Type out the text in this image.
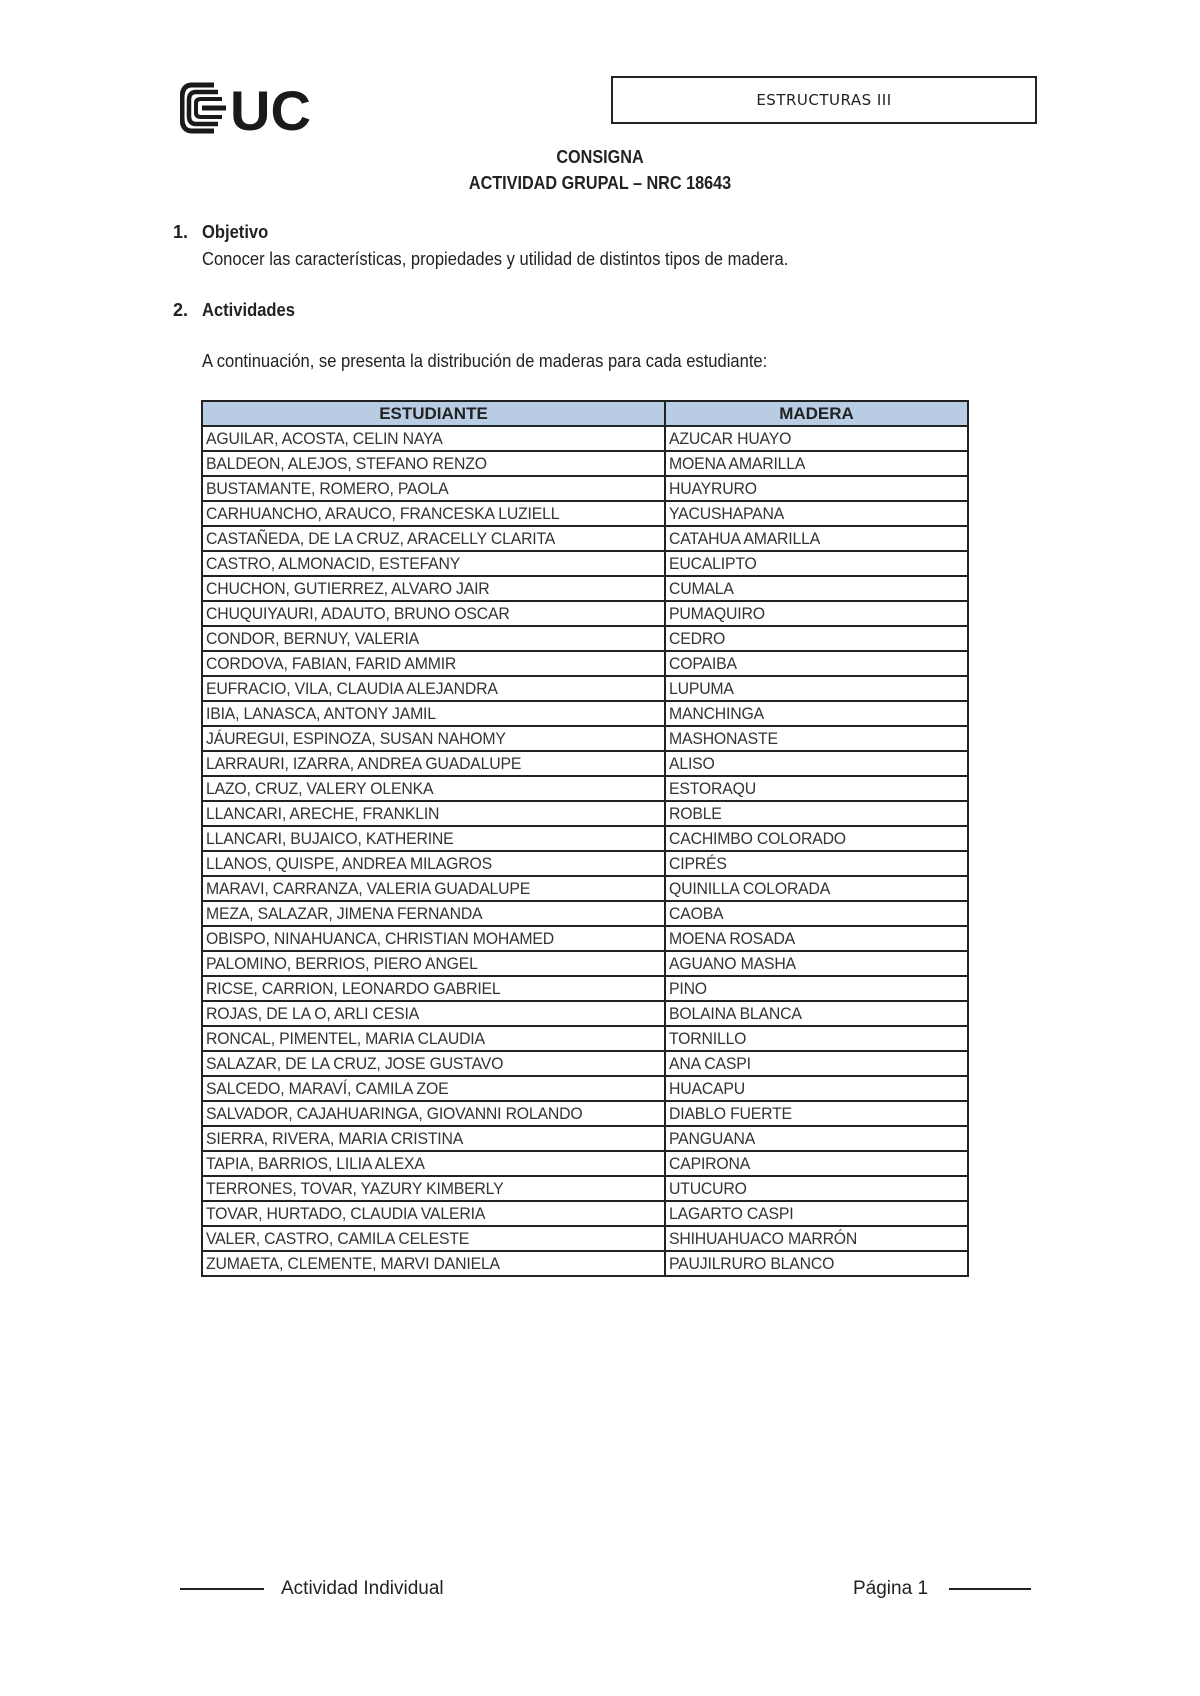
UC	ESTRUCTURAS III
CONSIGNA
ACTIVIDAD GRUPAL – NRC 18643
1. Objetivo
Conocer las características, propiedades y utilidad de distintos tipos de madera.
2. Actividades
A continuación, se presenta la distribución de maderas para cada estudiante:
ESTUDIANTE	MADERA
AGUILAR, ACOSTA, CELIN NAYA	AZUCAR HUAYO
BALDEON, ALEJOS, STEFANO RENZO	MOENA AMARILLA
BUSTAMANTE, ROMERO, PAOLA	HUAYRURO
CARHUANCHO, ARAUCO, FRANCESKA LUZIELL	YACUSHAPANA
CASTAÑEDA, DE LA CRUZ, ARACELLY CLARITA	CATAHUA AMARILLA
CASTRO, ALMONACID, ESTEFANY	EUCALIPTO
CHUCHON, GUTIERREZ, ALVARO JAIR	CUMALA
CHUQUIYAURI, ADAUTO, BRUNO OSCAR	PUMAQUIRO
CONDOR, BERNUY, VALERIA	CEDRO
CORDOVA, FABIAN, FARID AMMIR	COPAIBA
EUFRACIO, VILA, CLAUDIA ALEJANDRA	LUPUMA
IBIA, LANASCA, ANTONY JAMIL	MANCHINGA
JÁUREGUI, ESPINOZA, SUSAN NAHOMY	MASHONASTE
LARRAURI, IZARRA, ANDREA GUADALUPE	ALISO
LAZO, CRUZ, VALERY OLENKA	ESTORAQU
LLANCARI, ARECHE, FRANKLIN	ROBLE
LLANCARI, BUJAICO, KATHERINE	CACHIMBO COLORADO
LLANOS, QUISPE, ANDREA MILAGROS	CIPRÉS
MARAVI, CARRANZA, VALERIA GUADALUPE	QUINILLA COLORADA
MEZA, SALAZAR, JIMENA FERNANDA	CAOBA
OBISPO, NINAHUANCA, CHRISTIAN MOHAMED	MOENA ROSADA
PALOMINO, BERRIOS, PIERO ANGEL	AGUANO MASHA
RICSE, CARRION, LEONARDO GABRIEL	PINO
ROJAS, DE LA O, ARLI CESIA	BOLAINA BLANCA
RONCAL, PIMENTEL, MARIA CLAUDIA	TORNILLO
SALAZAR, DE LA CRUZ, JOSE GUSTAVO	ANA CASPI
SALCEDO, MARAVÍ, CAMILA ZOE	HUACAPU
SALVADOR, CAJAHUARINGA, GIOVANNI ROLANDO	DIABLO FUERTE
SIERRA, RIVERA, MARIA CRISTINA	PANGUANA
TAPIA, BARRIOS, LILIA ALEXA	CAPIRONA
TERRONES, TOVAR, YAZURY KIMBERLY	UTUCURO
TOVAR, HURTADO, CLAUDIA VALERIA	LAGARTO CASPI
VALER, CASTRO, CAMILA CELESTE	SHIHUAHUACO MARRÓN
ZUMAETA, CLEMENTE, MARVI DANIELA	PAUJILRURO BLANCO
Actividad Individual	Página 1
